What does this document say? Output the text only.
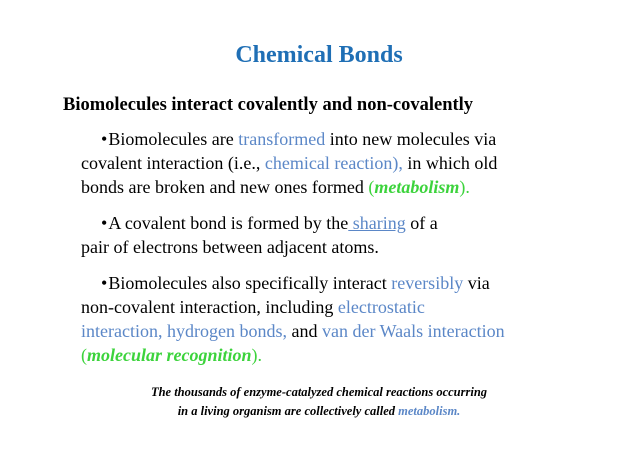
Chemical Bonds
Biomolecules interact covalently and non-covalently
•Biomolecules are transformed into new molecules via
covalent interaction (i.e., chemical reaction), in which old
bonds are broken and new ones formed (metabolism).
•A covalent bond is formed by the sharing of a
pair of electrons between adjacent atoms.
•Biomolecules also specifically interact reversibly via
non-covalent interaction, including electrostatic
interaction, hydrogen bonds, and van der Waals interaction
(molecular recognition).
The thousands of enzyme-catalyzed chemical reactions occurring
in a living organism are collectively called metabolism.
